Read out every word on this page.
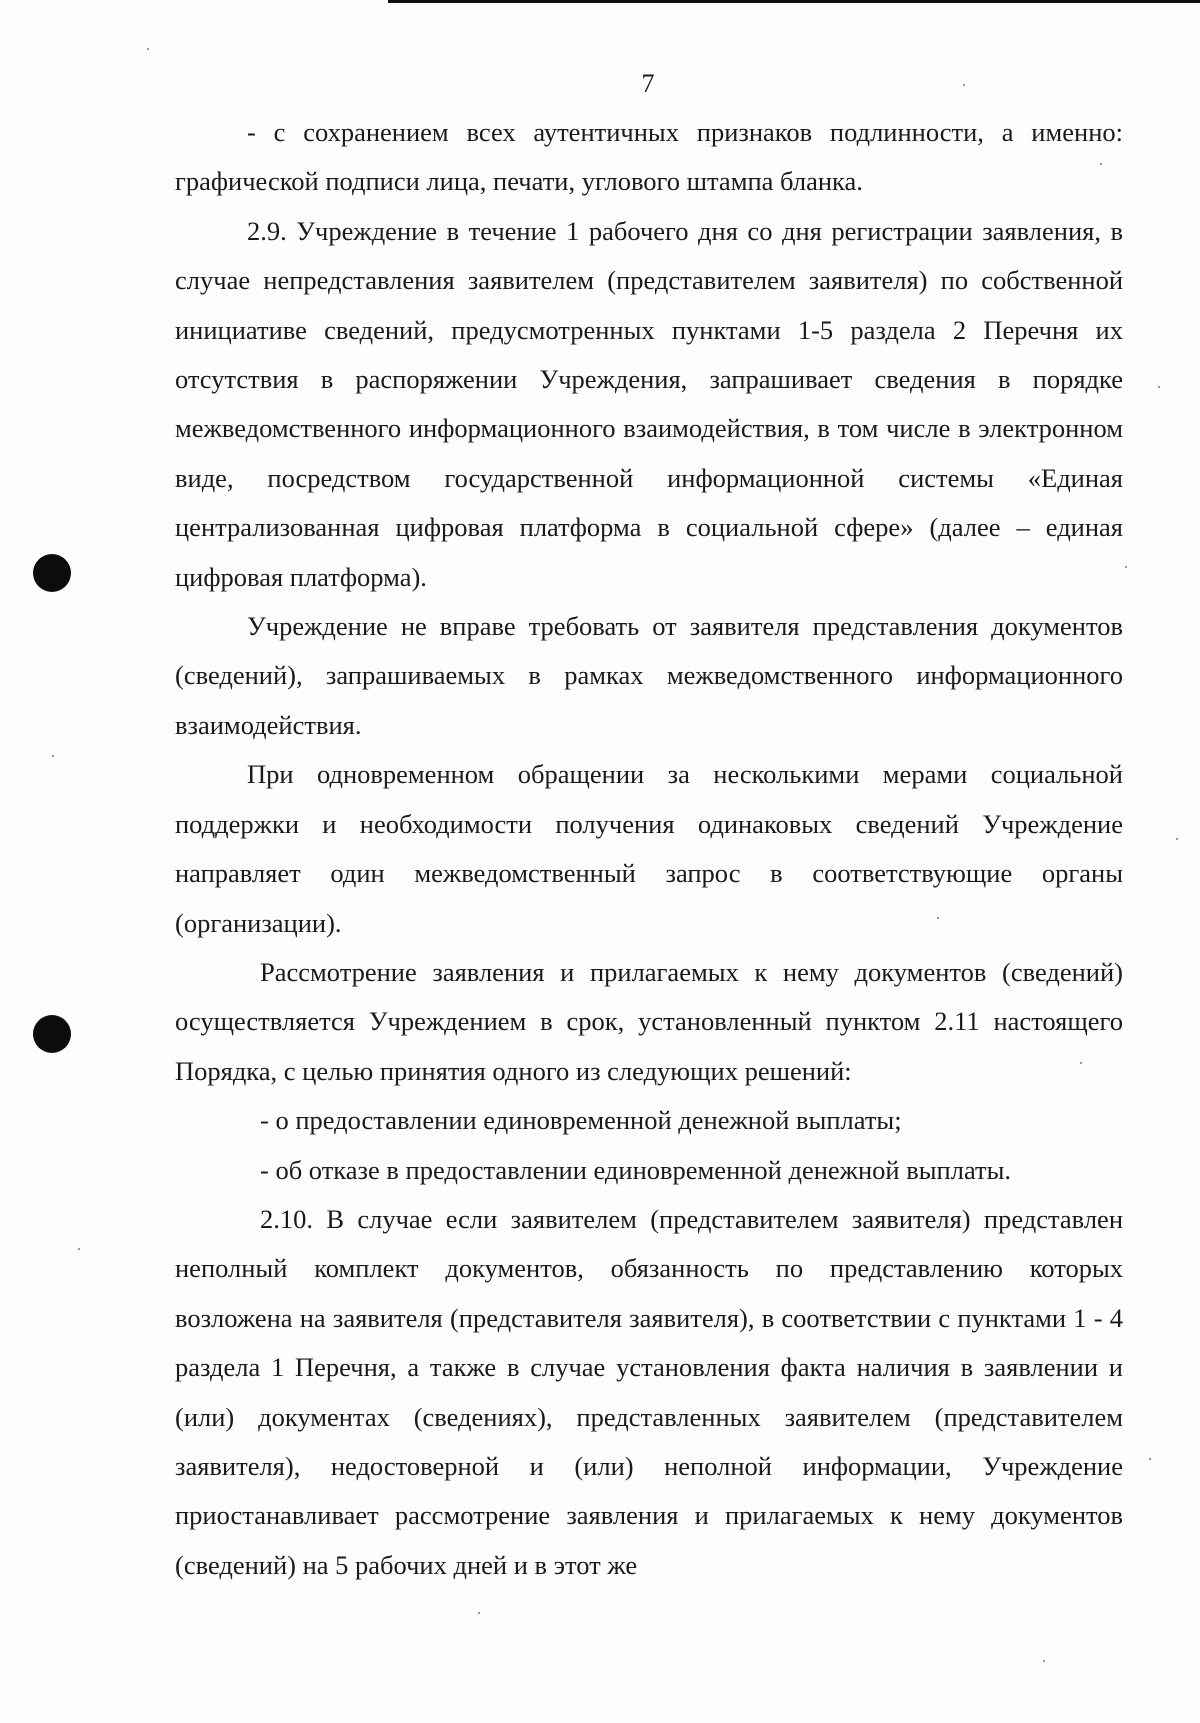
7

- с сохранением всех аутентичных признаков подлинности, а именно: графической подписи лица, печати, углового штампа бланка.

2.9. Учреждение в течение 1 рабочего дня со дня регистрации заявления, в случае непредставления заявителем (представителем заявителя) по собственной инициативе сведений, предусмотренных пунктами 1-5 раздела 2 Перечня их отсутствия в распоряжении Учреждения, запрашивает сведения в порядке межведомственного информационного взаимодействия, в том числе в электронном виде, посредством государственной информационной системы «Единая централизованная цифровая платформа в социальной сфере» (далее – единая цифровая платформа).

Учреждение не вправе требовать от заявителя представления документов (сведений), запрашиваемых в рамках межведомственного информационного взаимодействия.

При одновременном обращении за несколькими мерами социальной поддержки и необходимости получения одинаковых сведений Учреждение направляет один межведомственный запрос в соответствующие органы (организации).

Рассмотрение заявления и прилагаемых к нему документов (сведений) осуществляется Учреждением в срок, установленный пунктом 2.11 настоящего Порядка, с целью принятия одного из следующих решений:

- о предоставлении единовременной денежной выплаты;

- об отказе в предоставлении единовременной денежной выплаты.

2.10. В случае если заявителем (представителем заявителя) представлен неполный комплект документов, обязанность по представлению которых возложена на заявителя (представителя заявителя), в соответствии с пунктами 1 - 4 раздела 1 Перечня, а также в случае установления факта наличия в заявлении и (или) документах (сведениях), представленных заявителем (представителем заявителя), недостоверной и (или) неполной информации, Учреждение приостанавливает рассмотрение заявления и прилагаемых к нему документов (сведений) на 5 рабочих дней и в этот же
